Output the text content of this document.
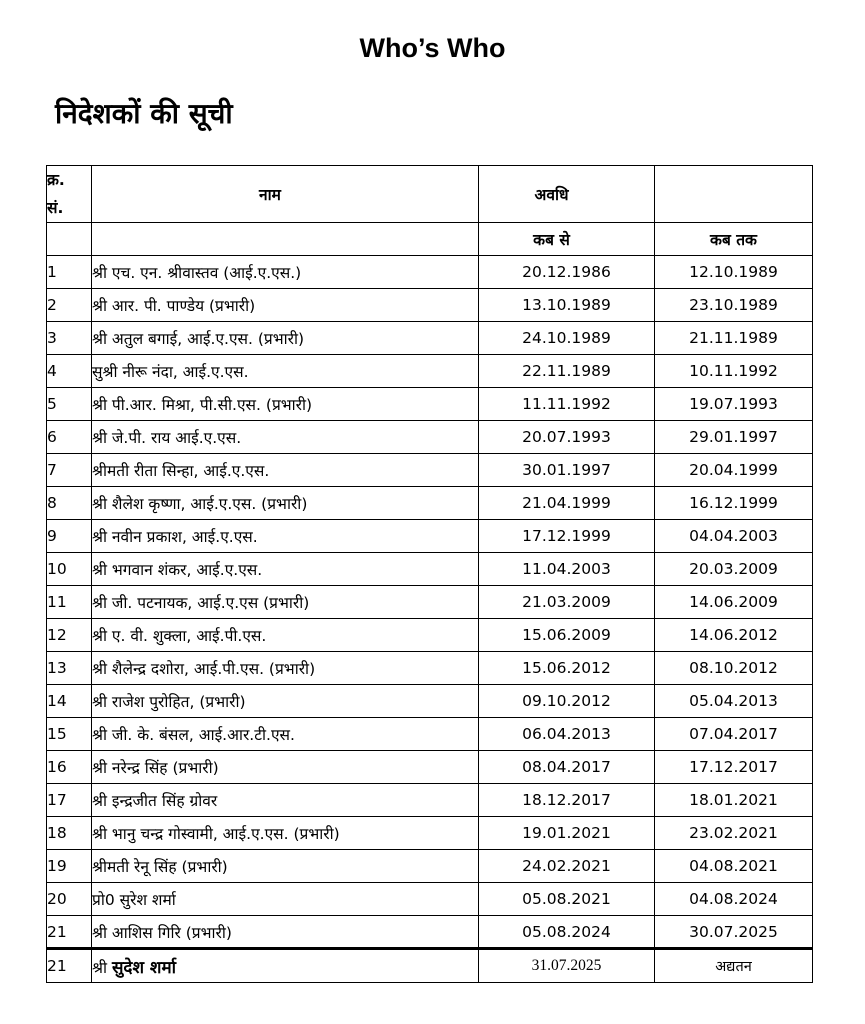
Who’s Who
निदेशकों की सूची
क्र.
सं.	नाम	अवधि	
		कब से	कब तक
1	श्री एच. एन. श्रीवास्तव (आई.ए.एस.)	20.12.1986	12.10.1989
2	श्री आर. पी. पाण्डेय (प्रभारी)	13.10.1989	23.10.1989
3	श्री अतुल बगाई, आई.ए.एस. (प्रभारी)	24.10.1989	21.11.1989
4	सुश्री नीरू नंदा, आई.ए.एस.	22.11.1989	10.11.1992
5	श्री पी.आर. मिश्रा, पी.सी.एस. (प्रभारी)	11.11.1992	19.07.1993
6	श्री जे.पी. राय आई.ए.एस.	20.07.1993	29.01.1997
7	श्रीमती रीता सिन्हा, आई.ए.एस.	30.01.1997	20.04.1999
8	श्री शैलेश कृष्णा, आई.ए.एस. (प्रभारी)	21.04.1999	16.12.1999
9	श्री नवीन प्रकाश, आई.ए.एस.	17.12.1999	04.04.2003
10	श्री भगवान शंकर, आई.ए.एस.	11.04.2003	20.03.2009
11	श्री जी. पटनायक, आई.ए.एस (प्रभारी)	21.03.2009	14.06.2009
12	श्री ए. वी. शुक्ला, आई.पी.एस.	15.06.2009	14.06.2012
13	श्री शैलेन्द्र दशोरा, आई.पी.एस. (प्रभारी)	15.06.2012	08.10.2012
14	श्री राजेश पुरोहित, (प्रभारी)	09.10.2012	05.04.2013
15	श्री जी. के. बंसल, आई.आर.टी.एस.	06.04.2013	07.04.2017
16	श्री नरेन्द्र सिंह (प्रभारी)	08.04.2017	17.12.2017
17	श्री इन्द्रजीत सिंह ग्रोवर	18.12.2017	18.01.2021
18	श्री भानु चन्द्र गोस्वामी, आई.ए.एस. (प्रभारी)	19.01.2021	23.02.2021
19	श्रीमती रेनू सिंह (प्रभारी)	24.02.2021	04.08.2021
20	प्रो0 सुरेश शर्मा	05.08.2021	04.08.2024
21	श्री आशिस गिरि (प्रभारी)	05.08.2024	30.07.2025
21	श्री सुदेश शर्मा	31.07.2025	अद्यतन
